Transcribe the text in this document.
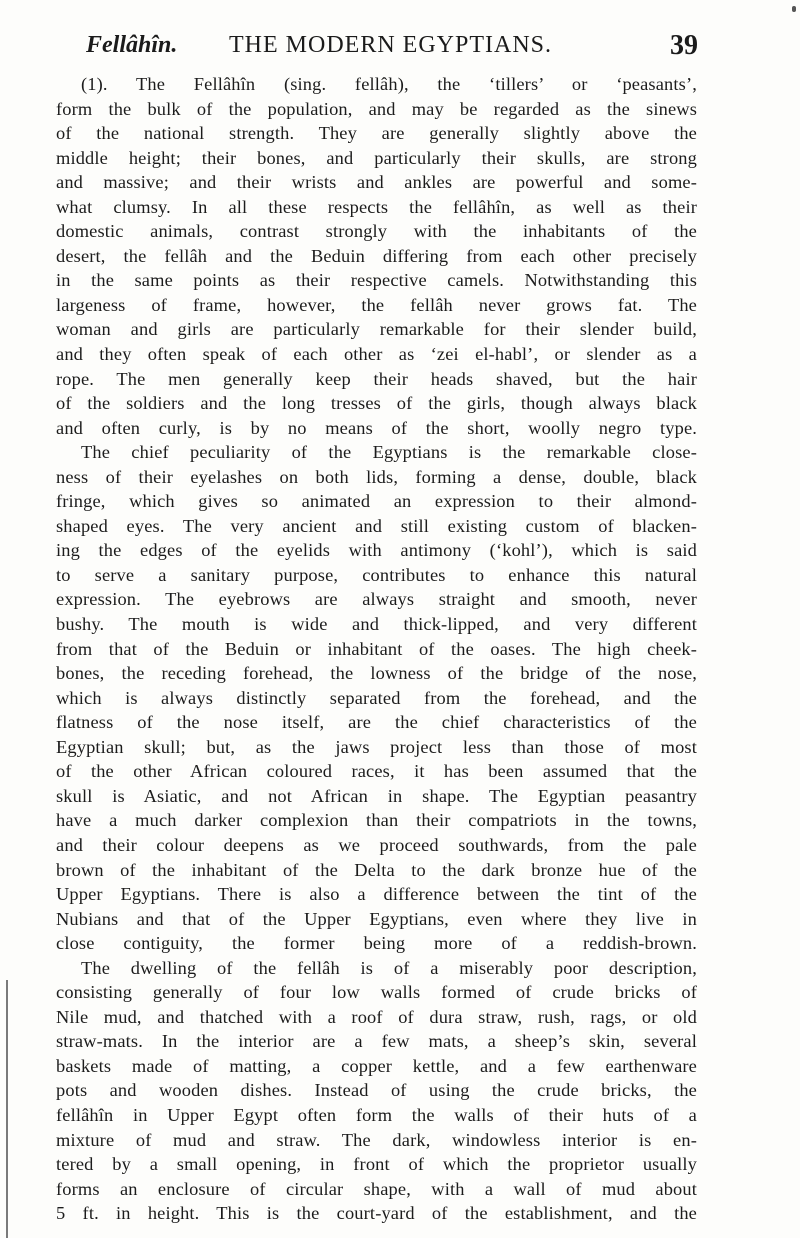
Fellâhîn. THE MODERN EGYPTIANS.	39
(1). The Fellâhîn (sing. fellâh), the ‘tillers’ or ‘peasants’,
form the bulk of the population, and may be regarded as the sinews
of the national strength. They are generally slightly above the
middle height; their bones, and particularly their skulls, are strong
and massive; and their wrists and ankles are powerful and some-
what clumsy. In all these respects the fellâhîn, as well as their
domestic animals, contrast strongly with the inhabitants of the
desert, the fellâh and the Beduin differing from each other precisely
in the same points as their respective camels. Notwithstanding this
largeness of frame, however, the fellâh never grows fat. The
woman and girls are particularly remarkable for their slender build,
and they often speak of each other as ‘zei el-habl’, or slender as a
rope. The men generally keep their heads shaved, but the hair
of the soldiers and the long tresses of the girls, though always black
and often curly, is by no means of the short, woolly negro type.
The chief peculiarity of the Egyptians is the remarkable close-
ness of their eyelashes on both lids, forming a dense, double, black
fringe, which gives so animated an expression to their almond-
shaped eyes. The very ancient and still existing custom of blacken-
ing the edges of the eyelids with antimony (‘kohl’), which is said
to serve a sanitary purpose, contributes to enhance this natural
expression. The eyebrows are always straight and smooth, never
bushy. The mouth is wide and thick-lipped, and very different
from that of the Beduin or inhabitant of the oases. The high cheek-
bones, the receding forehead, the lowness of the bridge of the nose,
which is always distinctly separated from the forehead, and the
flatness of the nose itself, are the chief characteristics of the
Egyptian skull; but, as the jaws project less than those of most
of the other African coloured races, it has been assumed that the
skull is Asiatic, and not African in shape. The Egyptian peasantry
have a much darker complexion than their compatriots in the towns,
and their colour deepens as we proceed southwards, from the pale
brown of the inhabitant of the Delta to the dark bronze hue of the
Upper Egyptians. There is also a difference between the tint of the
Nubians and that of the Upper Egyptians, even where they live in
close contiguity, the former being more of a reddish-brown.
The dwelling of the fellâh is of a miserably poor description,
consisting generally of four low walls formed of crude bricks of
Nile mud, and thatched with a roof of dura straw, rush, rags, or old
straw-mats. In the interior are a few mats, a sheep’s skin, several
baskets made of matting, a copper kettle, and a few earthenware
pots and wooden dishes. Instead of using the crude bricks, the
fellâhîn in Upper Egypt often form the walls of their huts of a
mixture of mud and straw. The dark, windowless interior is en-
tered by a small opening, in front of which the proprietor usually
forms an enclosure of circular shape, with a wall of mud about
5 ft. in height. This is the court-yard of the establishment, and the
